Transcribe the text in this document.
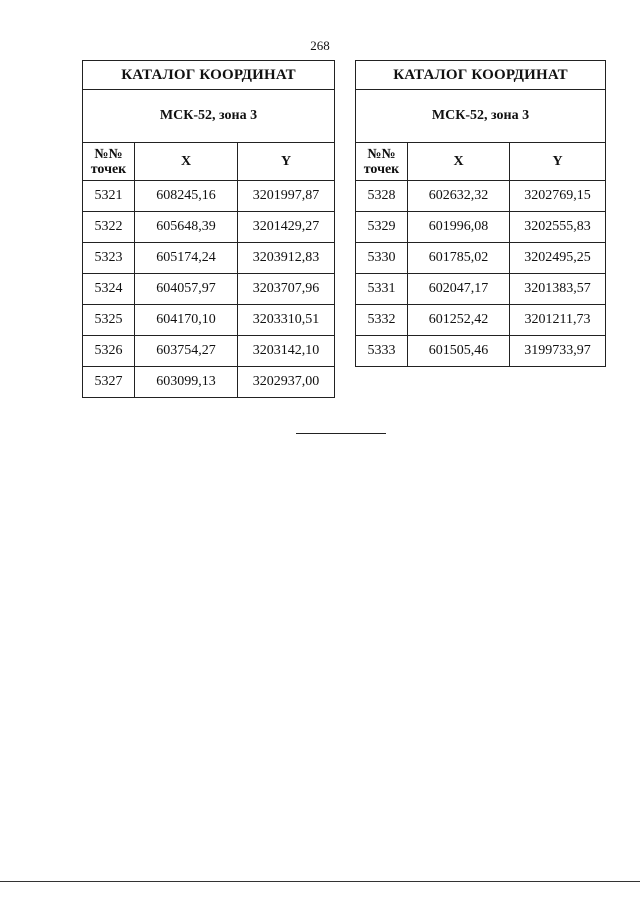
268
КАТАЛОГ КООРДИНАТ		
МСК-52, зона 3		
№№
точек	X	Y
5321	608245,16	3201997,87
5322	605648,39	3201429,27
5323	605174,24	3203912,83
5324	604057,97	3203707,96
5325	604170,10	3203310,51
5326	603754,27	3203142,10
5327	603099,13	3202937,00
КАТАЛОГ КООРДИНАТ		
МСК-52, зона 3		
№№
точек	X	Y
5328	602632,32	3202769,15
5329	601996,08	3202555,83
5330	601785,02	3202495,25
5331	602047,17	3201383,57
5332	601252,42	3201211,73
5333	601505,46	3199733,97
